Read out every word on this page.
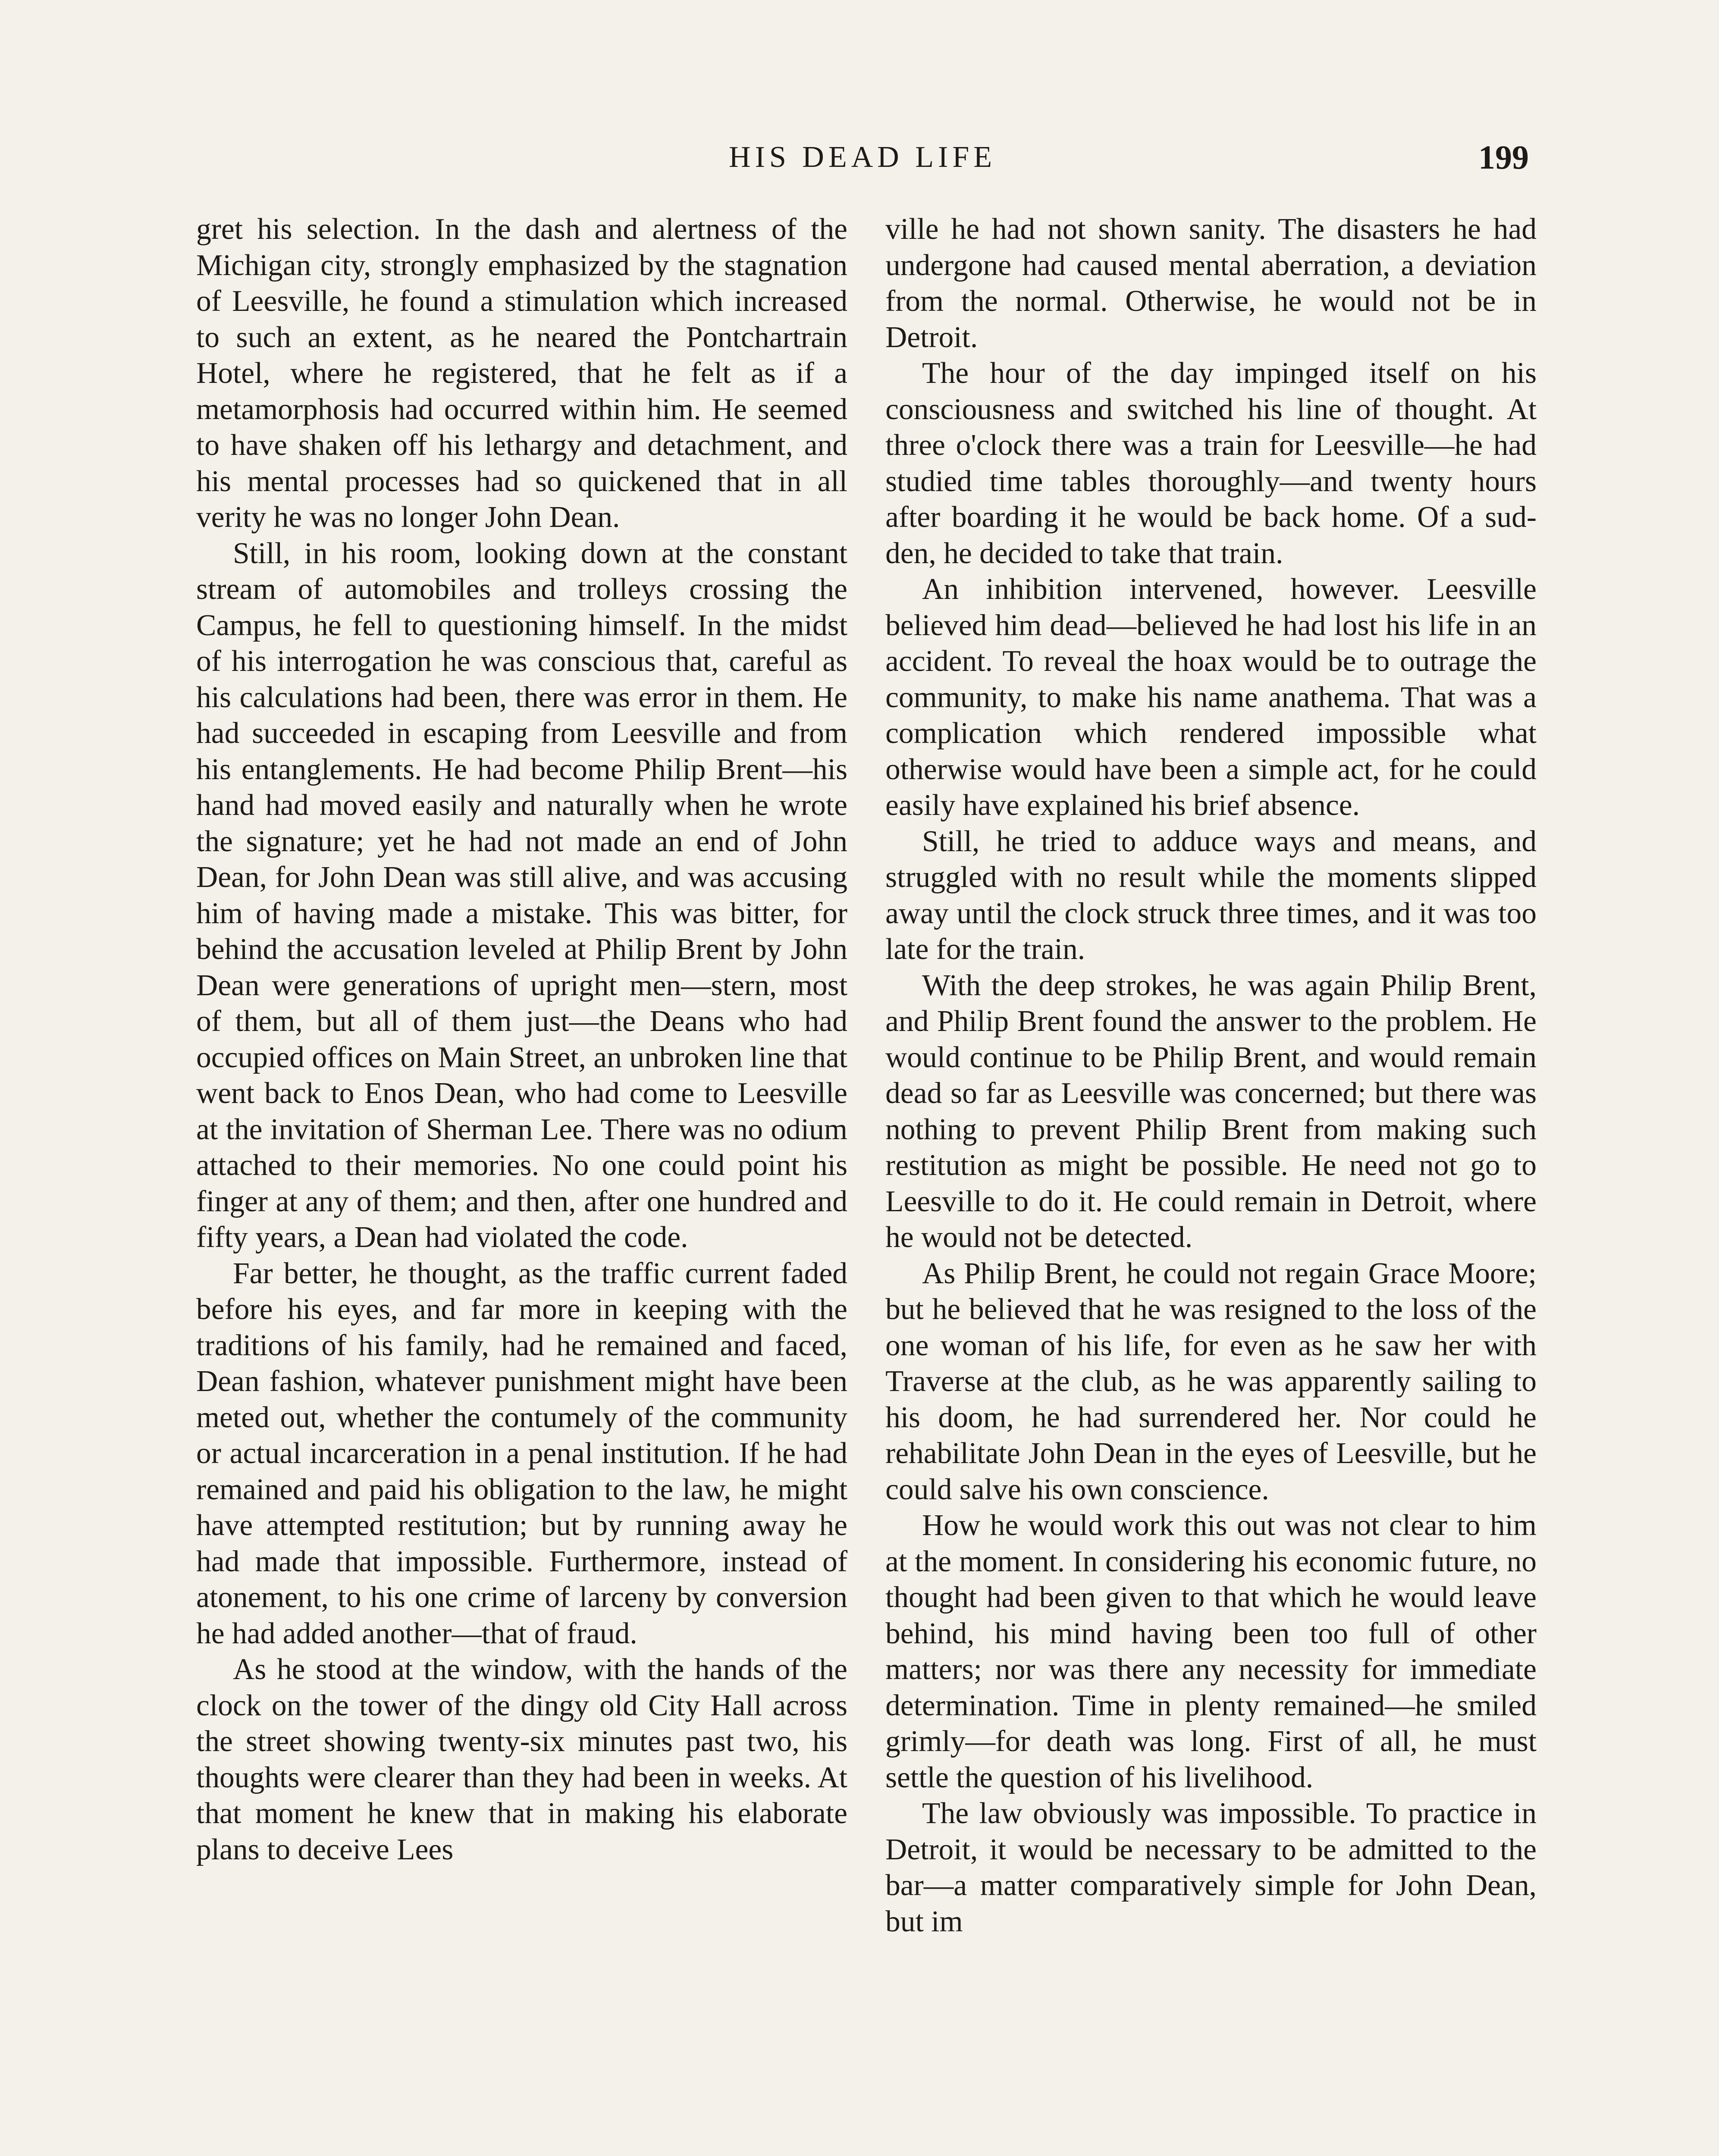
HIS DEAD LIFE	199

gret his selection. In the dash and alertness of the Michigan city, strongly emphasized by the stagnation of Leesville, he found a stimulation which increased to such an extent, as he neared the Pontchartrain Hotel, where he registered, that he felt as if a metamorphosis had occurred within him. He seemed to have shaken off his lethargy and detachment, and his mental processes had so quickened that in all verity he was no longer John Dean.

Still, in his room, looking down at the constant stream of automobiles and trolleys crossing the Campus, he fell to questioning himself. In the midst of his interrogation he was conscious that, careful as his calculations had been, there was error in them. He had succeeded in escaping from Leesville and from his entanglements. He had become Philip Brent—his hand had moved easily and naturally when he wrote the signature; yet he had not made an end of John Dean, for John Dean was still alive, and was accusing him of having made a mistake. This was bitter, for behind the accusation leveled at Philip Brent by John Dean were generations of upright men—stern, most of them, but all of them just—the Deans who had occupied offices on Main Street, an unbroken line that went back to Enos Dean, who had come to Leesville at the invitation of Sherman Lee. There was no odium attached to their memories. No one could point his finger at any of them; and then, after one hundred and fifty years, a Dean had violated the code.

Far better, he thought, as the traffic current faded before his eyes, and far more in keeping with the traditions of his family, had he remained and faced, Dean fashion, whatever punishment might have been meted out, whether the contumely of the community or actual incarceration in a penal institution. If he had remained and paid his obligation to the law, he might have attempted restitution; but by running away he had made that impossible. Furthermore, instead of atonement, to his one crime of larceny by conversion he had added another—that of fraud.

As he stood at the window, with the hands of the clock on the tower of the dingy old City Hall across the street showing twenty-six minutes past two, his thoughts were clearer than they had been in weeks. At that moment he knew that in making his elaborate plans to deceive Lees

ville he had not shown sanity. The disasters he had undergone had caused mental aberration, a deviation from the normal. Otherwise, he would not be in Detroit.

The hour of the day impinged itself on his consciousness and switched his line of thought. At three o'clock there was a train for Leesville—he had studied time tables thoroughly—and twenty hours after boarding it he would be back home. Of a sudden, he decided to take that train.

An inhibition intervened, however. Leesville believed him dead—believed he had lost his life in an accident. To reveal the hoax would be to outrage the community, to make his name anathema. That was a complication which rendered impossible what otherwise would have been a simple act, for he could easily have explained his brief absence.

Still, he tried to adduce ways and means, and struggled with no result while the moments slipped away until the clock struck three times, and it was too late for the train.

With the deep strokes, he was again Philip Brent, and Philip Brent found the answer to the problem. He would continue to be Philip Brent, and would remain dead so far as Leesville was concerned; but there was nothing to prevent Philip Brent from making such restitution as might be possible. He need not go to Leesville to do it. He could remain in Detroit, where he would not be detected.

As Philip Brent, he could not regain Grace Moore; but he believed that he was resigned to the loss of the one woman of his life, for even as he saw her with Traverse at the club, as he was apparently sailing to his doom, he had surrendered her. Nor could he rehabilitate John Dean in the eyes of Leesville, but he could salve his own conscience.

How he would work this out was not clear to him at the moment. In considering his economic future, no thought had been given to that which he would leave behind, his mind having been too full of other matters; nor was there any necessity for immediate determination. Time in plenty remained—he smiled grimly—for death was long. First of all, he must settle the question of his livelihood.

The law obviously was impossible. To practice in Detroit, it would be necessary to be admitted to the bar—a matter comparatively simple for John Dean, but im
